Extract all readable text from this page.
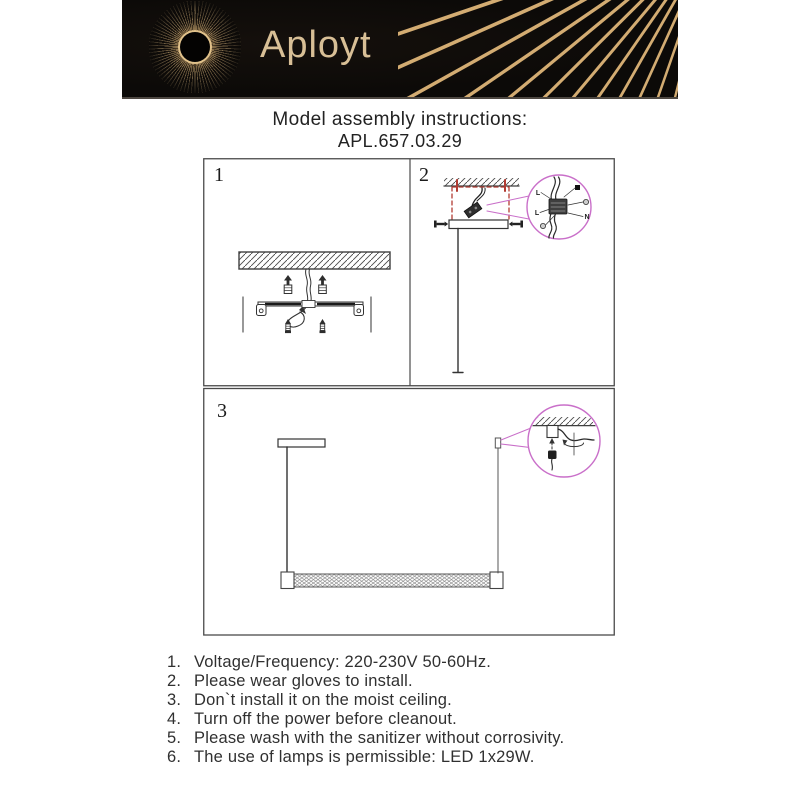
Aployt
Model assembly instructions:
APL.657.03.29
1	2
L
L
N
3
1. Voltage/Frequency: 220-230V 50-60Hz.
2. Please wear gloves to install.
3. Don`t install it on the moist ceiling.
4. Turn off the power before cleanout.
5. Please wash with the sanitizer without corrosivity.
6. The use of lamps is permissible: LED 1x29W.
